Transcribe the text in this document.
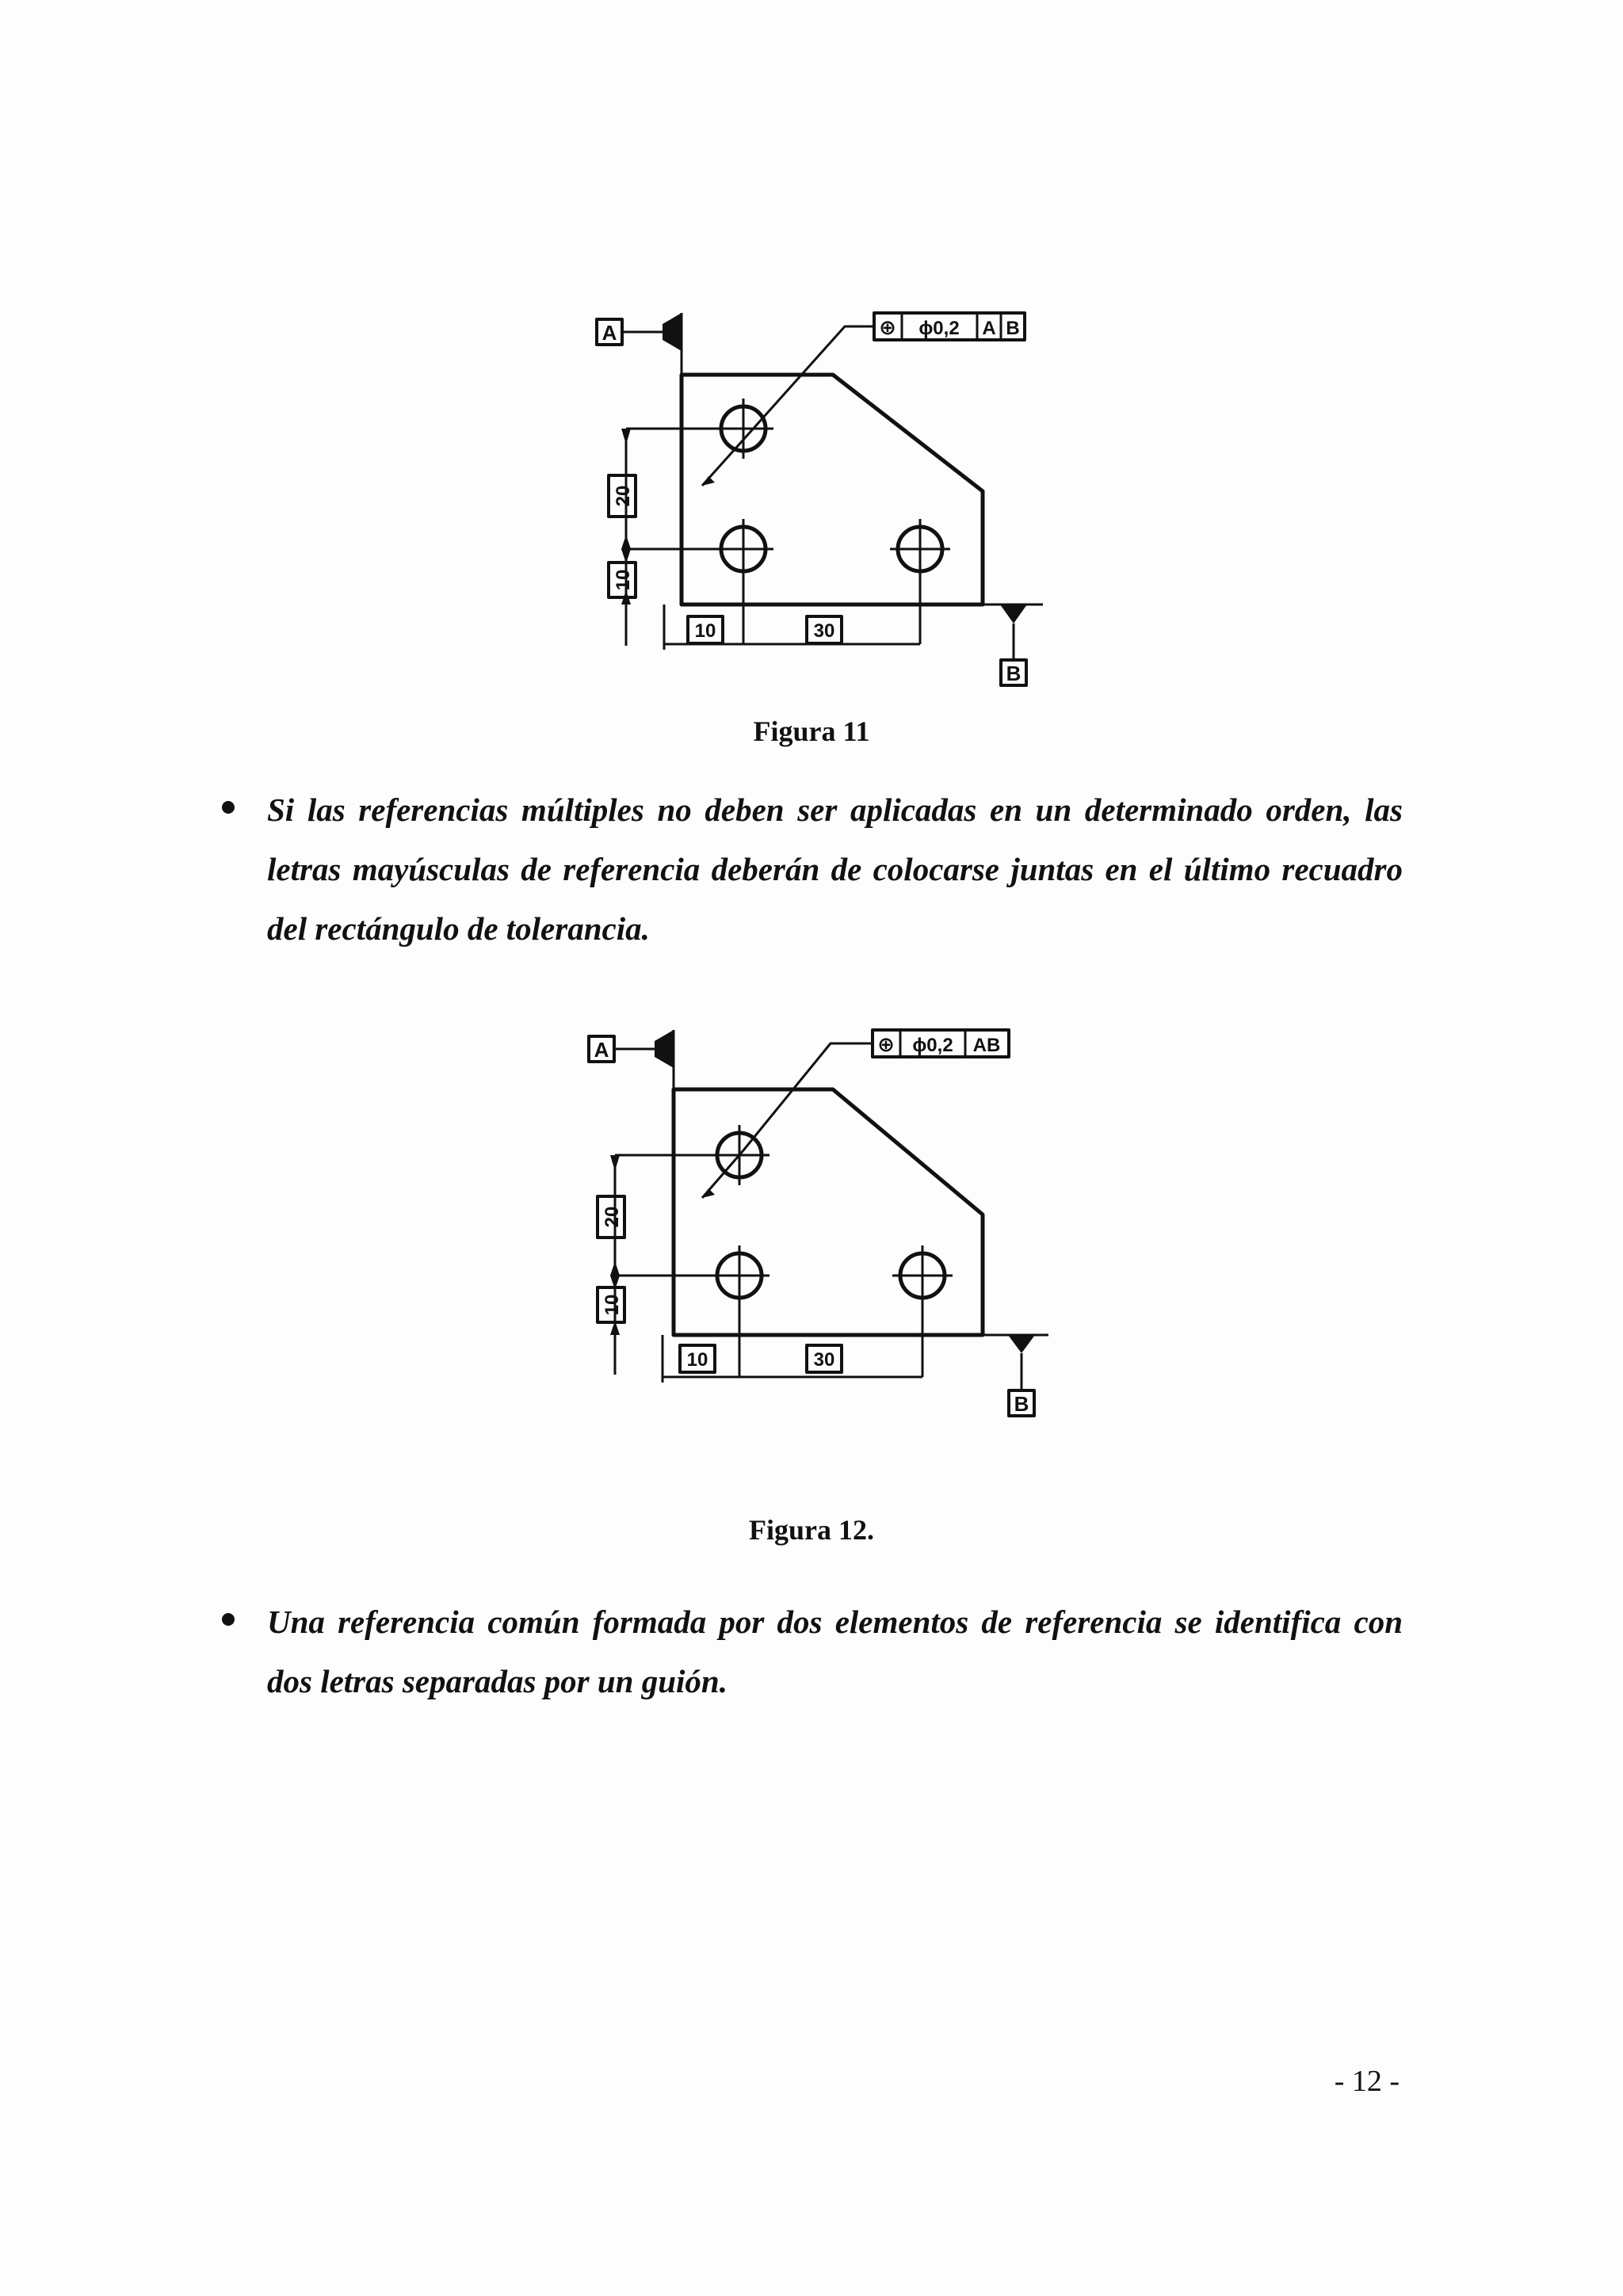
A
B
⊕ ϕ0,2 A B
20
10
10	30
Figura 11

Si las referencias múltiples no deben ser aplicadas en un determinado orden, las letras mayúsculas de referencia deberán de colocarse juntas en el último recuadro del rectángulo de tolerancia.

A
B
⊕ ϕ0,2 AB
20
10
10	30
Figura 12.

Una referencia común formada por dos elementos de referencia se identifica con dos letras separadas por un guión.

- 12 -
